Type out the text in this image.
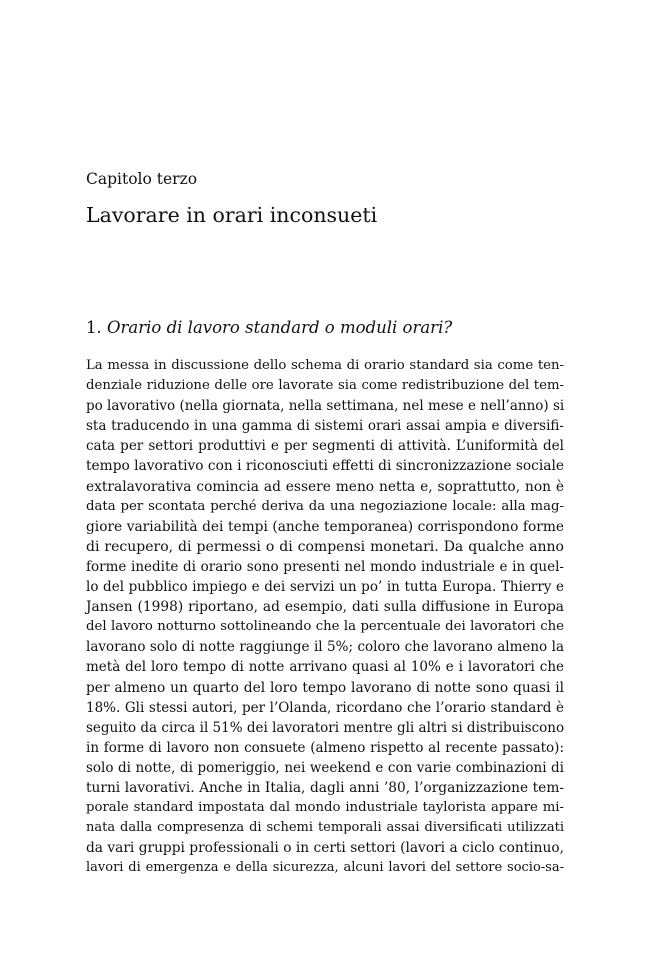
Capitolo terzo
Lavorare in orari inconsueti
1. Orario di lavoro standard o moduli orari?
La messa in discussione dello schema di orario standard sia come ten-
denziale riduzione delle ore lavorate sia come redistribuzione del tem-
po lavorativo (nella giornata, nella settimana, nel mese e nell’anno) si
sta traducendo in una gamma di sistemi orari assai ampia e diversifi-
cata per settori produttivi e per segmenti di attività. L’uniformità del
tempo lavorativo con i riconosciuti effetti di sincronizzazione sociale
extralavorativa comincia ad essere meno netta e, soprattutto, non è
data per scontata perché deriva da una negoziazione locale: alla mag-
giore variabilità dei tempi (anche temporanea) corrispondono forme
di recupero, di permessi o di compensi monetari. Da qualche anno
forme inedite di orario sono presenti nel mondo industriale e in quel-
lo del pubblico impiego e dei servizi un po’ in tutta Europa. Thierry e
Jansen (1998) riportano, ad esempio, dati sulla diffusione in Europa
del lavoro notturno sottolineando che la percentuale dei lavoratori che
lavorano solo di notte raggiunge il 5%; coloro che lavorano almeno la
metà del loro tempo di notte arrivano quasi al 10% e i lavoratori che
per almeno un quarto del loro tempo lavorano di notte sono quasi il
18%. Gli stessi autori, per l’Olanda, ricordano che l’orario standard è
seguito da circa il 51% dei lavoratori mentre gli altri si distribuiscono
in forme di lavoro non consuete (almeno rispetto al recente passato):
solo di notte, di pomeriggio, nei weekend e con varie combinazioni di
turni lavorativi. Anche in Italia, dagli anni ’80, l’organizzazione tem-
porale standard impostata dal mondo industriale taylorista appare mi-
nata dalla compresenza di schemi temporali assai diversificati utilizzati
da vari gruppi professionali o in certi settori (lavori a ciclo continuo,
lavori di emergenza e della sicurezza, alcuni lavori del settore socio-sa-
